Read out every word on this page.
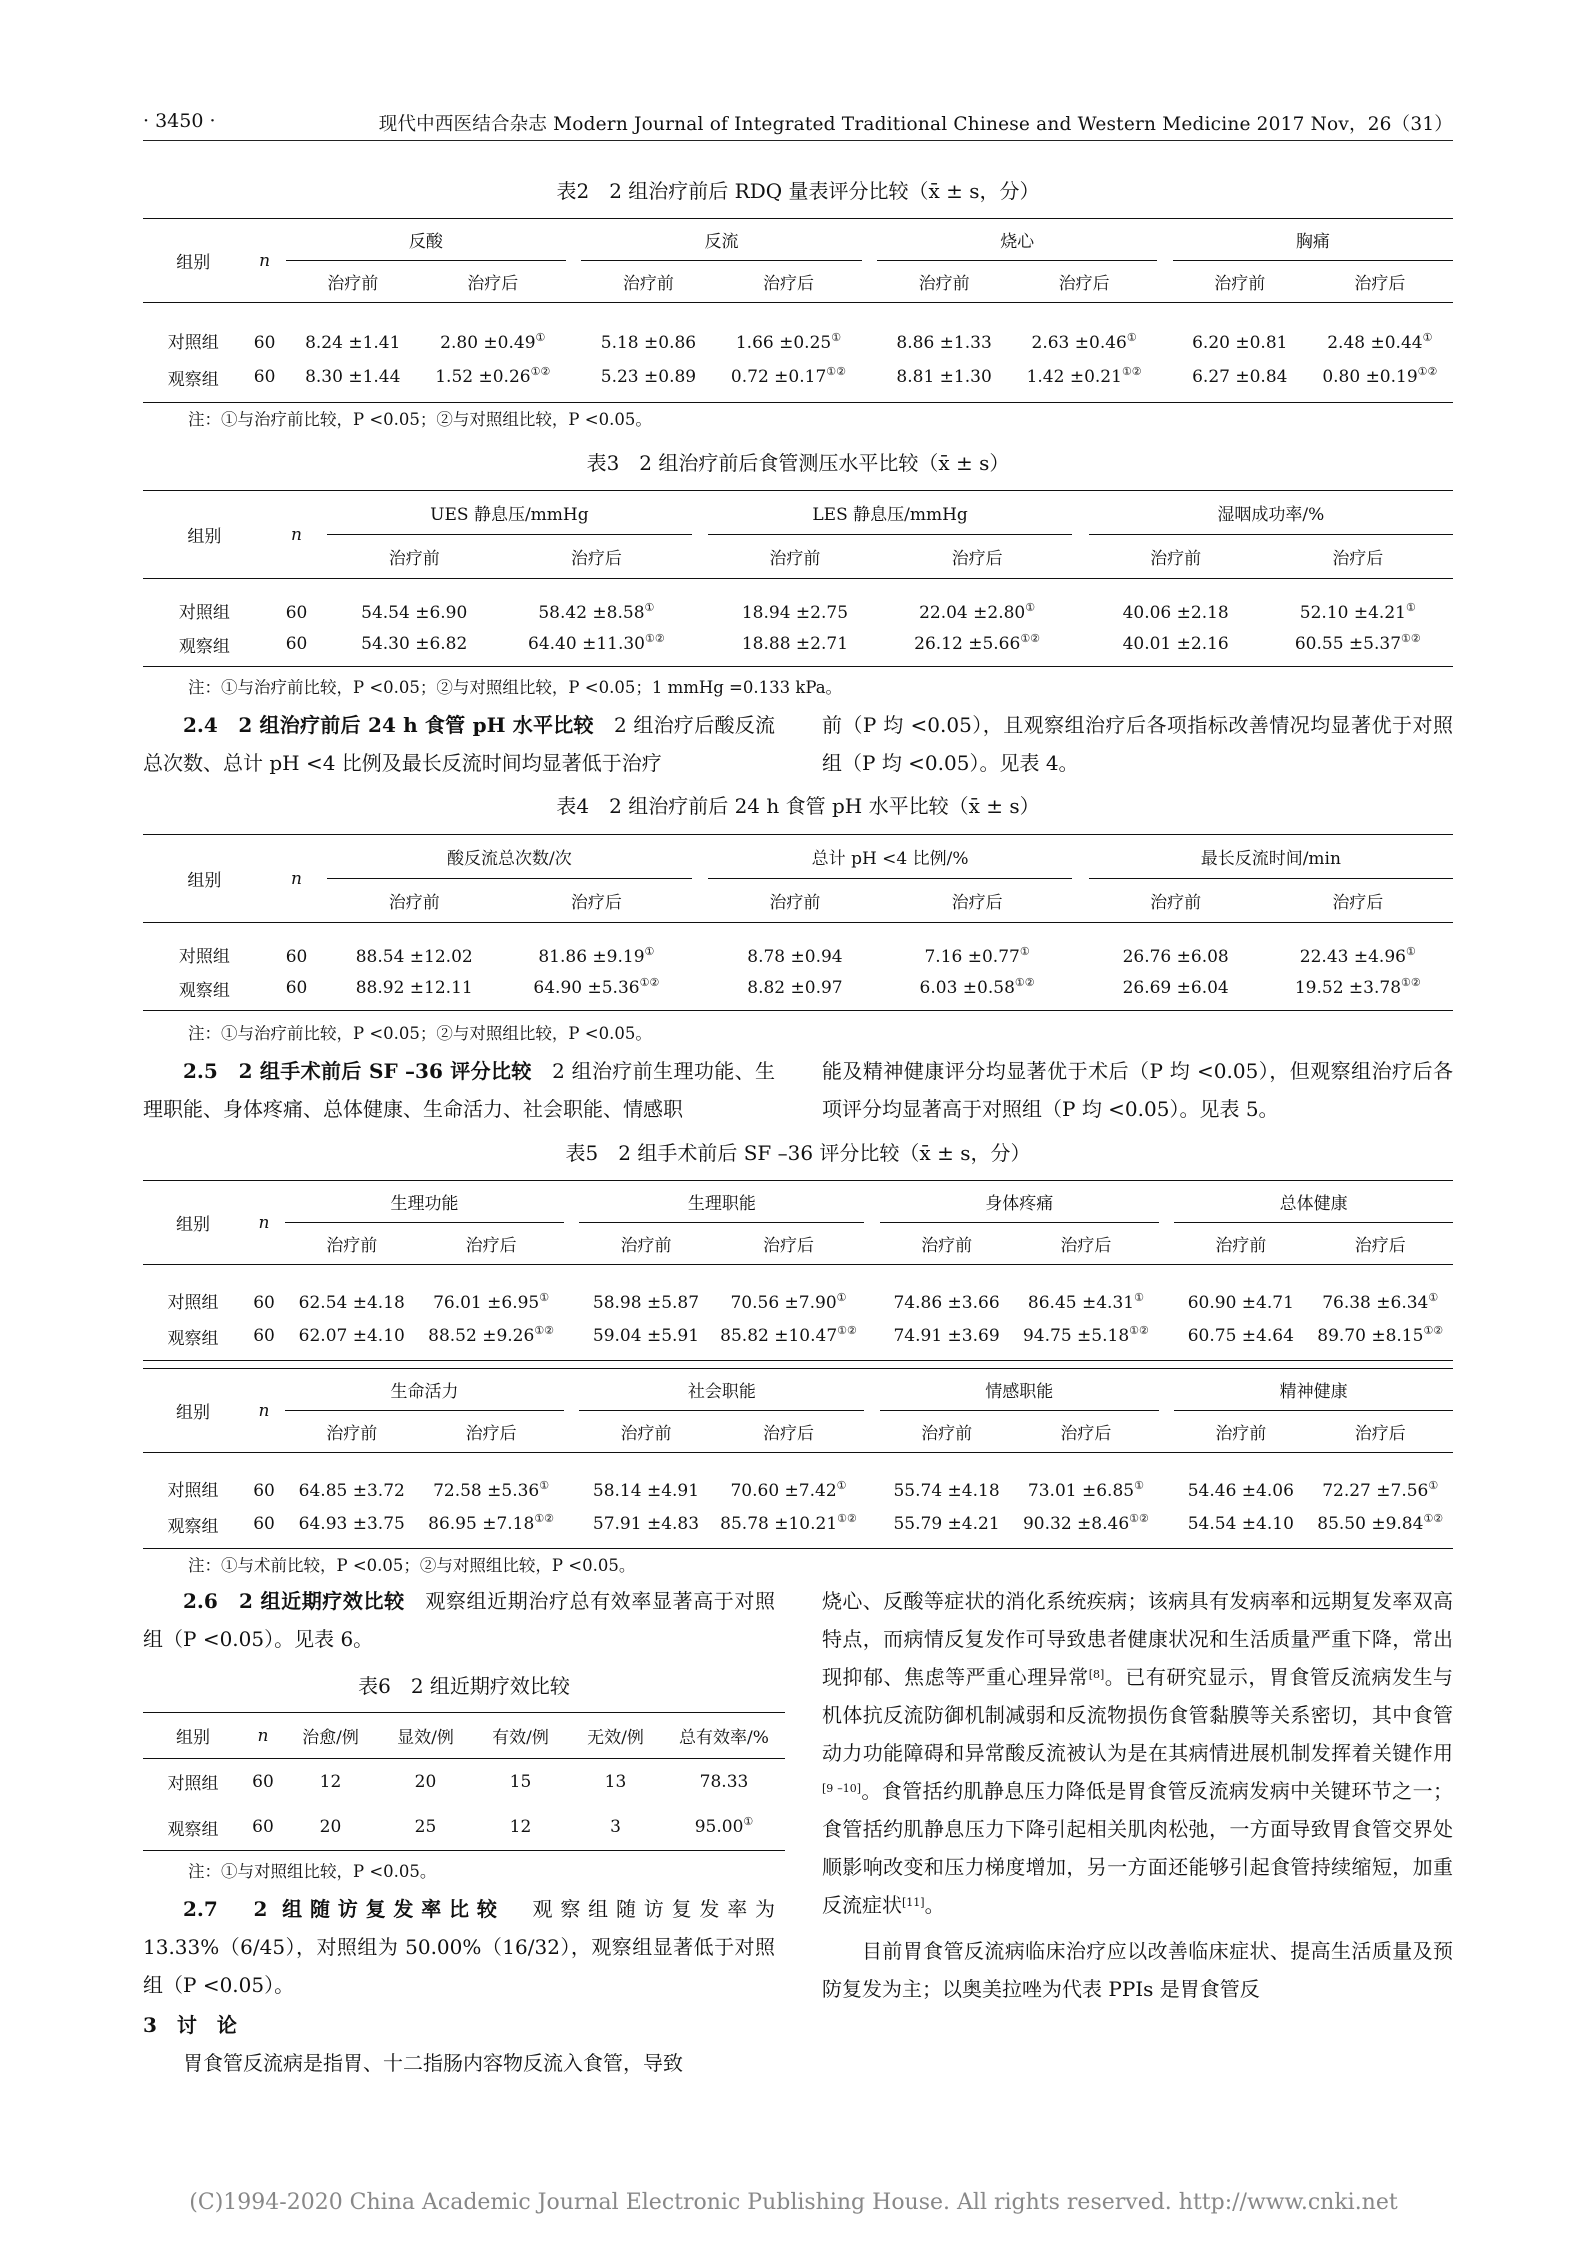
· 3450 ·	现代中西医结合杂志 Modern Journal of Integrated Traditional Chinese and Western Medicine 2017 Nov，26（31）
表2　2 组治疗前后 RDQ 量表评分比较（x̄ ± s，分）
组别	n	反酸			反流			烧心			胸痛	
		治疗前	治疗后		治疗前	治疗后		治疗前	治疗后		治疗前	治疗后
对照组	60	8.24 ±1.41	2.80 ±0.49①		5.18 ±0.86	1.66 ±0.25①		8.86 ±1.33	2.63 ±0.46①		6.20 ±0.81	2.48 ±0.44①
观察组	60	8.30 ±1.44	1.52 ±0.26①②		5.23 ±0.89	0.72 ±0.17①②		8.81 ±1.30	1.42 ±0.21①②		6.27 ±0.84	0.80 ±0.19①②
注：①与治疗前比较，P <0.05；②与对照组比较，P <0.05。
表3　2 组治疗前后食管测压水平比较（x̄ ± s）
组别	n	UES 静息压/mmHg			LES 静息压/mmHg			湿咽成功率/%	
		治疗前	治疗后		治疗前	治疗后		治疗前	治疗后
对照组	60	54.54 ±6.90	58.42 ±8.58①		18.94 ±2.75	22.04 ±2.80①		40.06 ±2.18	52.10 ±4.21①
观察组	60	54.30 ±6.82	64.40 ±11.30①②		18.88 ±2.71	26.12 ±5.66①②		40.01 ±2.16	60.55 ±5.37①②
注：①与治疗前比较，P <0.05；②与对照组比较，P <0.05；1 mmHg =0.133 kPa。

2.4　 2 组治疗前后 24 h 食管 pH 水平比较　 2 组治疗后酸反流总次数、总计 pH <4 比例及最长反流时间均显著低于治疗

前（P 均 <0.05），且观察组治疗后各项指标改善情况均显著优于对照组（P 均 <0.05）。见表 4。

表4　2 组治疗前后 24 h 食管 pH 水平比较（x̄ ± s）
组别	n	酸反流总次数/次			总计 pH <4 比例/%			最长反流时间/min	
		治疗前	治疗后		治疗前	治疗后		治疗前	治疗后
对照组	60	88.54 ±12.02	81.86 ±9.19①		8.78 ±0.94	7.16 ±0.77①		26.76 ±6.08	22.43 ±4.96①
观察组	60	88.92 ±12.11	64.90 ±5.36①②		8.82 ±0.97	6.03 ±0.58①②		26.69 ±6.04	19.52 ±3.78①②
注：①与治疗前比较，P <0.05；②与对照组比较，P <0.05。

2.5　 2 组手术前后 SF –36 评分比较　 2 组治疗前生理功能、生理职能、身体疼痛、总体健康、生命活力、社会职能、情感职

能及精神健康评分均显著优于术后（P 均 <0.05），但观察组治疗后各项评分均显著高于对照组（P 均 <0.05）。见表 5。

表5　2 组手术前后 SF –36 评分比较（x̄ ± s，分）
组别	n	生理功能			生理职能			身体疼痛			总体健康	
		治疗前	治疗后		治疗前	治疗后		治疗前	治疗后		治疗前	治疗后
对照组	60	62.54 ±4.18	76.01 ±6.95①		58.98 ±5.87	70.56 ±7.90①		74.86 ±3.66	86.45 ±4.31①		60.90 ±4.71	76.38 ±6.34①
观察组	60	62.07 ±4.10	88.52 ±9.26①②		59.04 ±5.91	85.82 ±10.47①②		74.91 ±3.69	94.75 ±5.18①②		60.75 ±4.64	89.70 ±8.15①②
组别	n	生命活力			社会职能			情感职能			精神健康	
		治疗前	治疗后		治疗前	治疗后		治疗前	治疗后		治疗前	治疗后
对照组	60	64.85 ±3.72	72.58 ±5.36①		58.14 ±4.91	70.60 ±7.42①		55.74 ±4.18	73.01 ±6.85①		54.46 ±4.06	72.27 ±7.56①
观察组	60	64.93 ±3.75	86.95 ±7.18①②		57.91 ±4.83	85.78 ±10.21①②		55.79 ±4.21	90.32 ±8.46①②		54.54 ±4.10	85.50 ±9.84①②
注：①与术前比较，P <0.05；②与对照组比较，P <0.05。

2.6　 2 组近期疗效比较　 观察组近期治疗总有效率显著高于对照组（P <0.05）。见表 6。

表6　2 组近期疗效比较
组别	n	治愈/例	显效/例	有效/例	无效/例	总有效率/%
对照组	60	12	20	15	13	78.33
观察组	60	20	25	12	3	95.00①
注：①与对照组比较，P <0.05。

2.7　 2 组随访复发率比较　 观察组随访复发率为 13.33%（6/45），对照组为 50.00%（16/32），观察组显著低于对照组（P <0.05）。

3　讨　论

胃食管反流病是指胃、十二指肠内容物反流入食管，导致

烧心、反酸等症状的消化系统疾病；该病具有发病率和远期复发率双高特点，而病情反复发作可导致患者健康状况和生活质量严重下降，常出现抑郁、焦虑等严重心理异常[8]。已有研究显示，胃食管反流病发生与机体抗反流防御机制减弱和反流物损伤食管黏膜等关系密切，其中食管动力功能障碍和异常酸反流被认为是在其病情进展机制发挥着关键作用[9 –10]。食管括约肌静息压力降低是胃食管反流病发病中关键环节之一；食管括约肌静息压力下降引起相关肌肉松弛，一方面导致胃食管交界处顺影响改变和压力梯度增加，另一方面还能够引起食管持续缩短，加重反流症状[11]。

目前胃食管反流病临床治疗应以改善临床症状、提高生活质量及预防复发为主；以奥美拉唑为代表 PPIs 是胃食管反

(C)1994-2020 China Academic Journal Electronic Publishing House. All rights reserved. http://www.cnki.net
